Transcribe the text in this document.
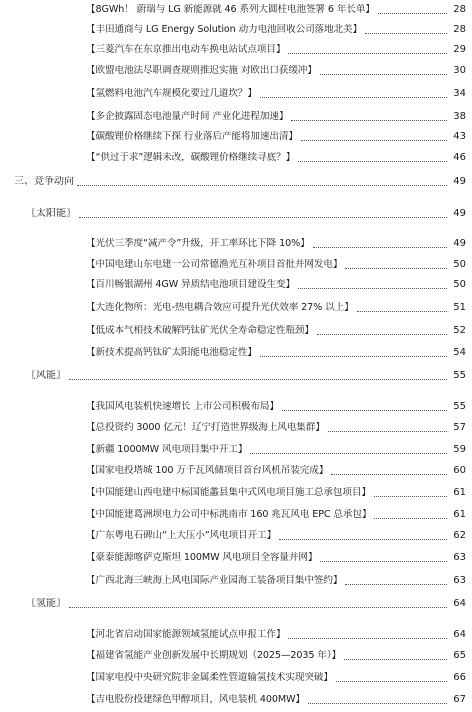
【8GWh！ 蔚瑞与 LG 新能源就 46 系列大圆柱电池签署 6 年长单】	28
【丰田通商与 LG Energy Solution 动力电池回收公司落地北美】	28
【三菱汽车在东京推出电动车换电站试点项目】	29
【欧盟电池法尽职调查规则推迟实施 对欧出口获缓冲】	30
【氢燃料电池汽车规模化要过几道坎？】	34
【多企披露固态电池量产时间 产业化进程加速】	38
【碳酸锂价格继续下探 行业落后产能将加速出清】	43
【“供过于求”逻辑未改，碳酸锂价格继续寻底？】	46
三、竞争动向	49
〖太阳能〗	49
【光伏三季度“减产令”升级，开工率环比下降 10%】	49
【中国电建山东电建一公司常德渔光互补项目首批并网发电】	50
【百川畅银湖州 4GW 异质结电池项目建设生变】	50
【大连化物所：光电-热电耦合效应可提升光伏效率 27% 以上】	51
【低成本气相技术破解钙钛矿光伏全寿命稳定性瓶颈】	52
【新技术提高钙钛矿太阳能电池稳定性】	54
〖风能〗	55
【我国风电装机快速增长 上市公司积极布局】	55
【总投资约 3000 亿元！辽宁打造世界级海上风电集群】	57
【新疆 1000MW 风电项目集中开工】	59
【国家电投塔城 100 万千瓦风储项目首台风机吊装完成】	60
【中国能建山西电建中标国能蠡县集中式风电项目施工总承包项目】	61
【中国能建葛洲坝电力公司中标洮南市 160 兆瓦风电 EPC 总承包】	61
【广东粤电石碑山“上大压小”风电项目开工】	62
【豪泰能源喀萨克斯坦 100MW 风电项目全容量并网】	63
【广西北海三峡海上风电国际产业园海工装备项目集中签约】	63
〖氢能〗	64
【河北省启动国家能源领域氢能试点申报工作】	64
【福建省氢能产业创新发展中长期规划（2025—2035 年）】	65
【国家电投中央研究院非金属柔性管道输氢技术实现突破】	66
【吉电股份投建绿色甲醇项目，风电装机 400MW】	67
